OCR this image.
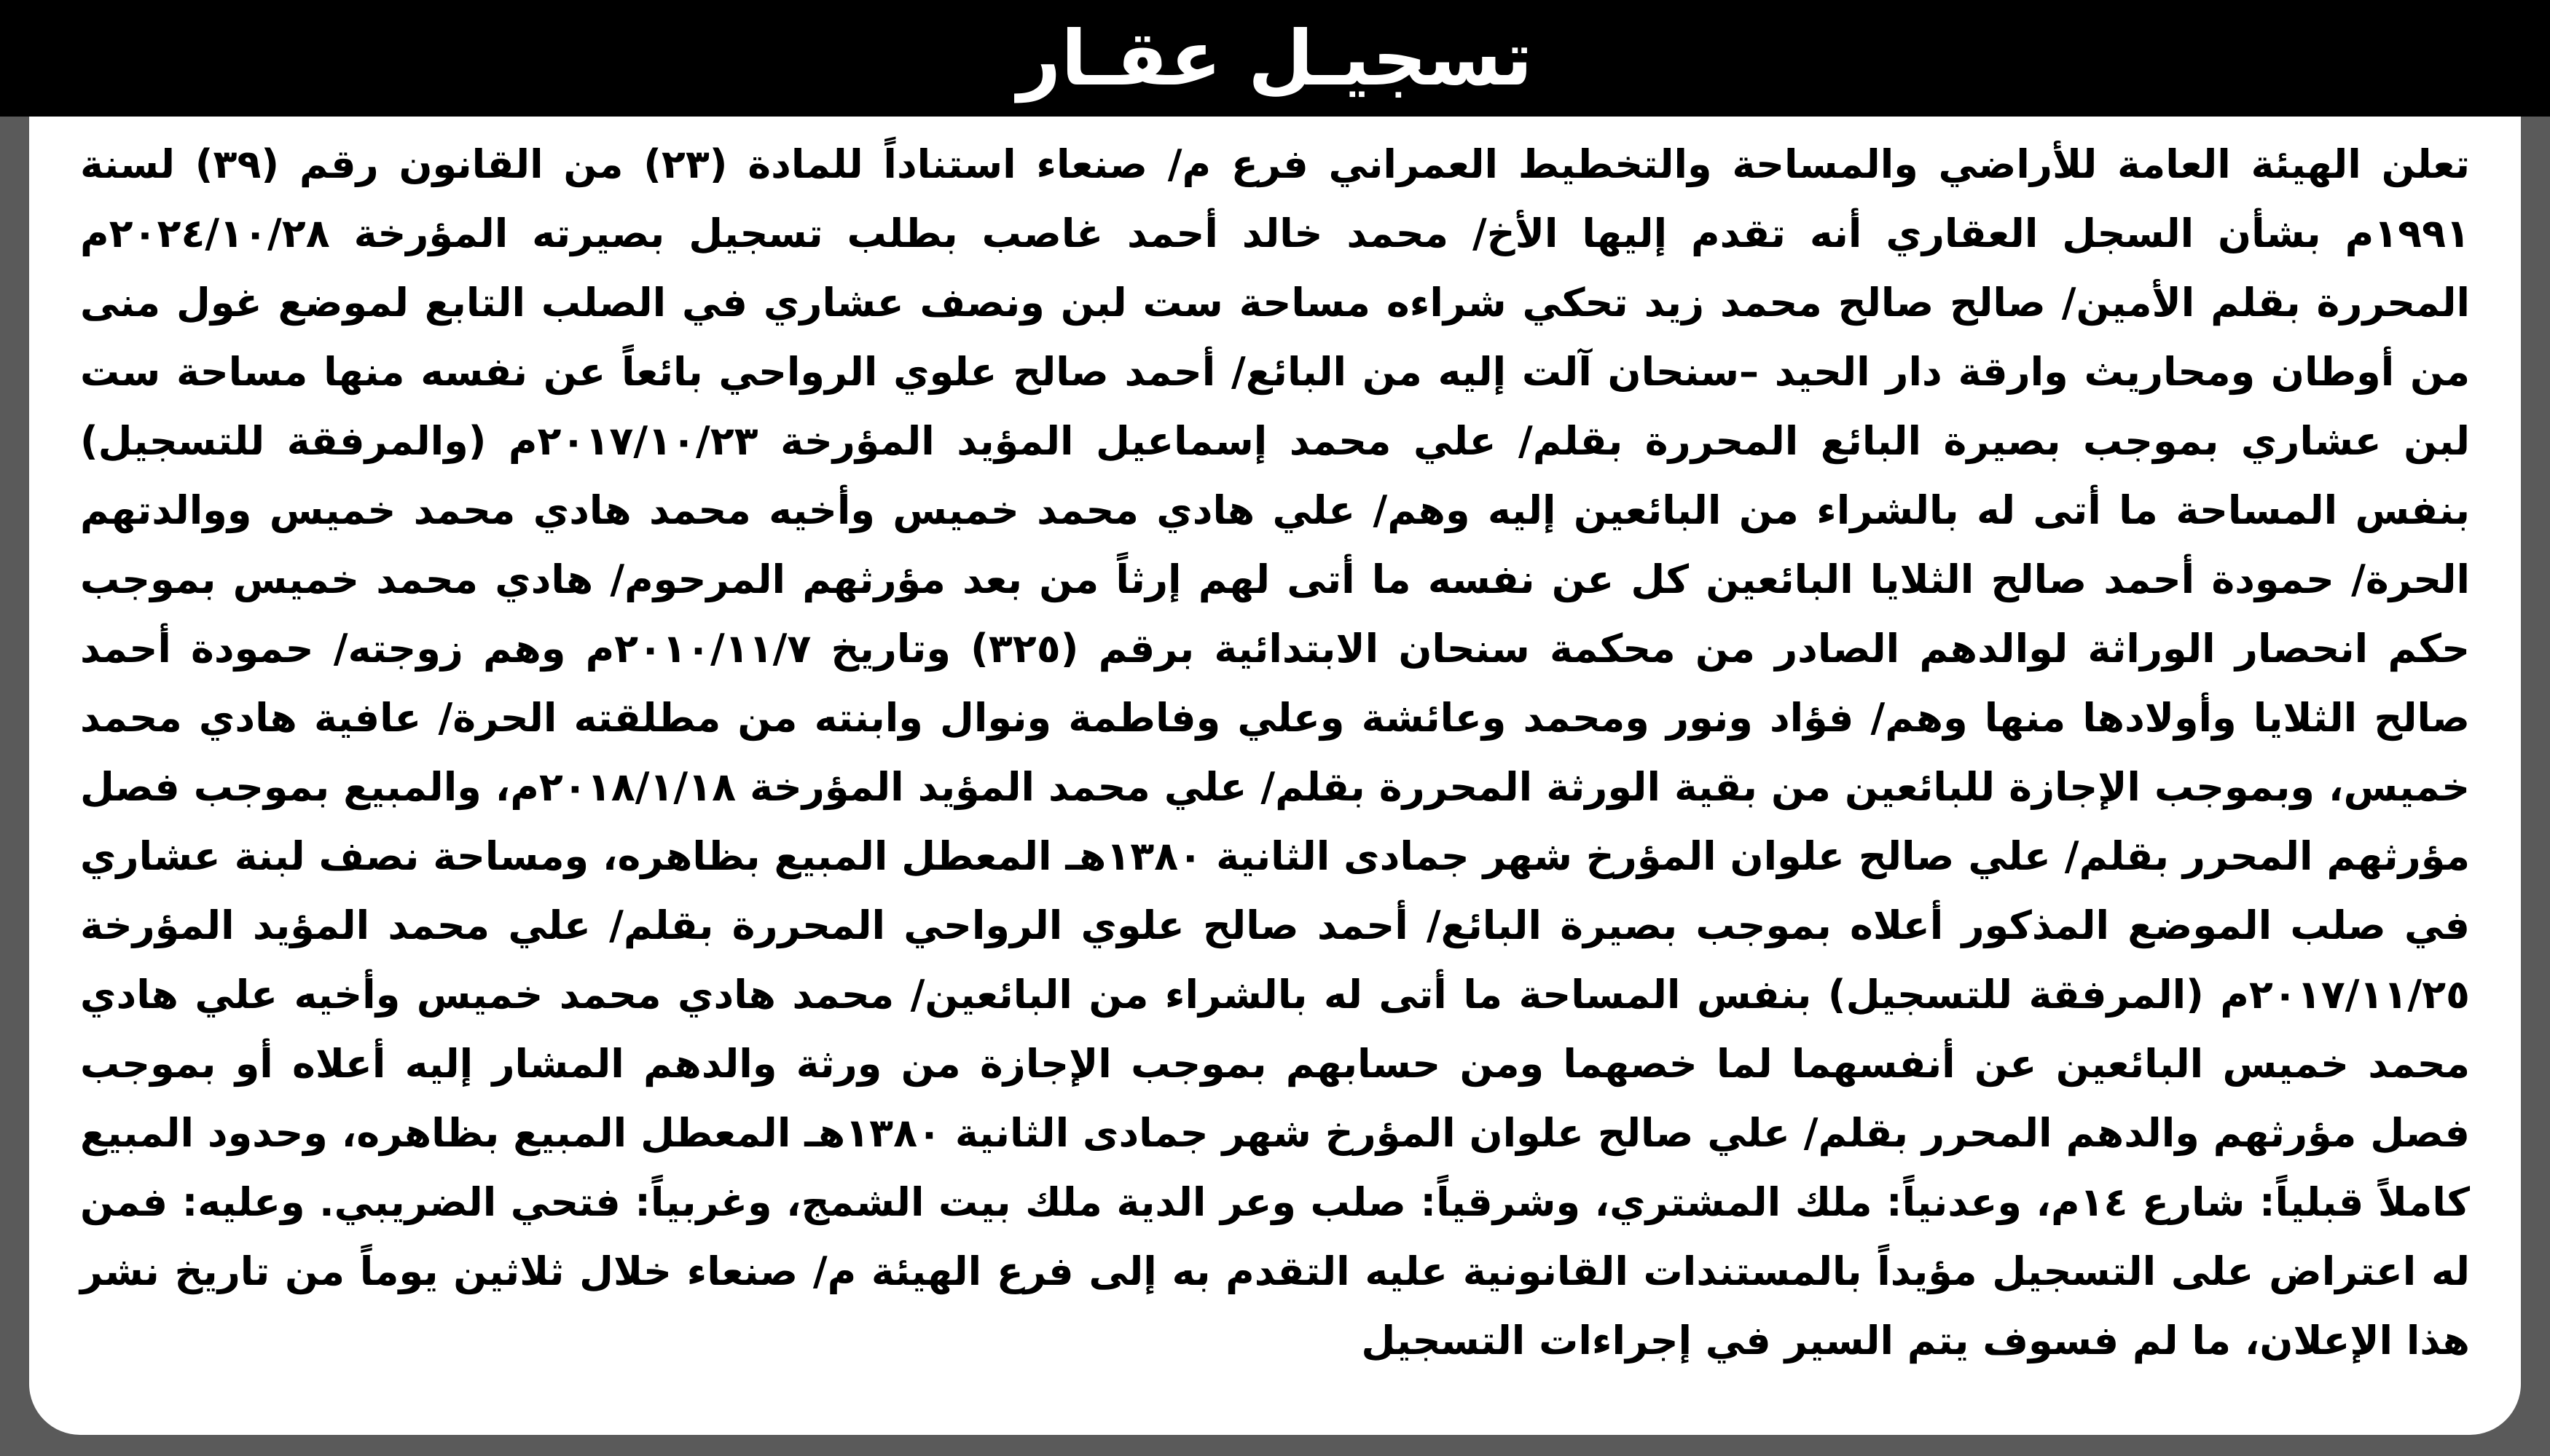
تسجيـل عقـار

تعلن الهيئة العامة للأراضي والمساحة والتخطيط العمراني فرع م/ صنعاء استناداً للمادة (٢٣) من القانون رقم (٣٩) لسنة ١٩٩١م بشأن السجل العقاري أنه تقدم إليها الأخ/ محمد خالد أحمد غاصب بطلب تسجيل بصيرته المؤرخة ٢٠٢٤/١٠/٢٨م المحررة بقلم الأمين/ صالح صالح محمد زيد تحكي شراءه مساحة ست لبن ونصف عشاري في الصلب التابع لموضع غول منى من أوطان ومحاريث وارقة دار الحيد –سنحان آلت إليه من البائع/ أحمد صالح علوي الرواحي بائعاً عن نفسه منها مساحة ست لبن عشاري بموجب بصيرة البائع المحررة بقلم/ علي محمد إسماعيل المؤيد المؤرخة ٢٠١٧/١٠/٢٣م (والمرفقة للتسجيل) بنفس المساحة ما أتى له بالشراء من البائعين إليه وهم/ علي هادي محمد خميس وأخيه محمد هادي محمد خميس ووالدتهم الحرة/ حمودة أحمد صالح الثلايا البائعين كل عن نفسه ما أتى لهم إرثاً من بعد مؤرثهم المرحوم/ هادي محمد خميس بموجب حكم انحصار الوراثة لوالدهم الصادر من محكمة سنحان الابتدائية برقم (٣٢٥) وتاريخ ٢٠١٠/١١/٧م وهم زوجته/ حمودة أحمد صالح الثلايا وأولادها منها وهم/ فؤاد ونور ومحمد وعائشة وعلي وفاطمة ونوال وابنته من مطلقته الحرة/ عافية هادي محمد خميس، وبموجب الإجازة للبائعين من بقية الورثة المحررة بقلم/ علي محمد المؤيد المؤرخة ٢٠١٨/١/١٨م، والمبيع بموجب فصل مؤرثهم المحرر بقلم/ علي صالح علوان المؤرخ شهر جمادى الثانية ١٣٨٠هـ المعطل المبيع بظاهره، ومساحة نصف لبنة عشاري في صلب الموضع المذكور أعلاه بموجب بصيرة البائع/ أحمد صالح علوي الرواحي المحررة بقلم/ علي محمد المؤيد المؤرخة ٢٠١٧/١١/٢٥م (المرفقة للتسجيل) بنفس المساحة ما أتى له بالشراء من البائعين/ محمد هادي محمد خميس وأخيه علي هادي محمد خميس البائعين عن أنفسهما لما خصهما ومن حسابهم بموجب الإجازة من ورثة والدهم المشار إليه أعلاه أو بموجب فصل مؤرثهم والدهم المحرر بقلم/ علي صالح علوان المؤرخ شهر جمادى الثانية ١٣٨٠هـ المعطل المبيع بظاهره، وحدود المبيع كاملاً قبلياً: شارع ١٤م، وعدنياً: ملك المشتري، وشرقياً: صلب وعر الدية ملك بيت الشمج، وغربياً: فتحي الضريبي. وعليه: فمن له اعتراض على التسجيل مؤيداً بالمستندات القانونية عليه التقدم به إلى فرع الهيئة م/ صنعاء خلال ثلاثين يوماً من تاريخ نشر هذا الإعلان، ما لم فسوف يتم السير في إجراءات التسجيل
